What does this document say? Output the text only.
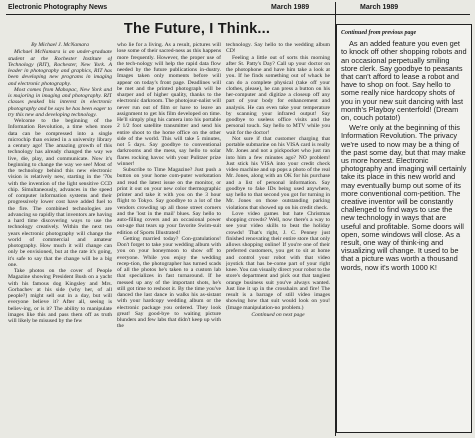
Electronic Photography News	March 1989	March 1989
The Future, I Think...
By Michael J. McNamara

Michael McNamara is an under-graduate student at the Rochester Institute of Technology (RIT), Rochester, New York. A leader in photography and graphics, RIT has been developing new programs in imaging and electronic photography.

Most comes from Mahopac, New York and is majoring in imaging and photography. RIT classes peaked his interest in electronic photography and he says he has been eager to try this new and developing technology.

Welcome to the beginning of the Information Revolution, a time when more data can be compressed into a single microchip than existed in a university library a century ago! The amazing growth of this technology has already changed the way we live, die, play, and communicate. Now it's beginning to change the way we see! Most of the technology behind this new electronic vision is relatively new, starting in the '70s with the invention of the light sensitive CCD chip. Simultaneously, advances in the speed of computer information systems and their progressively lower cost have added fuel to the fire. The combined technologies are advancing so rapidly that inventors are having a hard time discovering ways to use the technology creatively. Within the next ten years electronic photography will change the world of commercial and amateur photography. How much it will change can only be envisioned, but at the rate it's going, it's safe to say that the change will be a big one.

Take photos on the cover of People Magazine showing President Bush on a yacht with his famous dog Kingsley and Mrs. Gorbachev at his side (why her, of all people?) might sell out in a day, but will everyone believe it? After all, seeing is believ-ing, or is it? The ability to manipulate images like this and pass them off as truth will likely be misused by the few

who lie for a living. As a result, pictures will lose some of their sacred-ness as this happens more frequently. However, the proper use of the tech-nology will help the rapid data flow needed by the future publications in-dustry. Images taken only moments before will appear on today's front page. Deadlines will be met and the printed photograph will be sharper and of higher quality, thanks to the electronic darkroom. The photojour-nalist will never run out of film or have to leave an assignment to get his film developed on time. He'll simply plug his camera into his portable 2 1/2 foot satellite transmitter and send his entire shoot to the home office on the other side of the world. This will take 5 minutes, not 5 days. Say goodbye to conventional darkrooms and the mess, say hello to solar flares rocking havoc with your Pulitzer prize winner!

Subscribe to Time Magazine? Just push a button on your home com-puter workstation and read the latest issue on the monitor, or print it out on your new color thermographic printer and take it with you on the 3 hour flight to Tokyo. Say goodbye to a lot of the vendors crowding up all those street corners and the 'lost in the mail' blues. Say hello to auto-filling covers and an occasional power out-age that tears up your favorite Swim-suit edition of Sports Illustrated!

Getting married today? Con-gratulations! Don't forget to take your wedding album with you on your honeymoon to show off to everyone. While you enjoy the wedding recep-tion, the photographer has turned scads of all the photos he's taken to a custom lab that specializes in fast turnaround. If he messed up any of the important shots, he's still got time to reshoot it. By the time you've danced the last dance in walks his as-sistant with your hardcopy wedding album or the electronic package you ordered. They look great! Say good-bye to waiting picture blunders and few labs that didn't keep up with the

technology. Say hello to the wedding album CD!

Feeling a little out of sorts this morning after St. Patty's Day? Call up your doctor on the photophone and have him take a look at you. If he finds something out of whack he can do a complete physical (take off your clothes, please), he can press a button on his her-computer and digitize a closeup off any part of your body for enhancement and analysis. He can even take your temperature by scanning your infrared output! Say goodbye to useless office visits and the personal touch. Say hello to MTV while you wait for the doctor!

Not sure if that customer charging that portable submarine on his VISA card is really Mr. Jones and not a pickpocket who just ran into him a few minutes ago? NO problem! Just stick his VISA into your credit check video machine and up pops a photo of the real Mr. Jones, along with an OK for his purchase and a list of personal information. Say goodbye to fake IDs being used anywhere, say hello to that second you got for turning in Mr. Jones on those outstanding parking violations that showed up on his credit check.

Love video games but hate Christmas shopping crowds? Well, now there's a way to see your video skills to beat the holiday crowds! That's right, J. C. Penney just finished renovating their entire store that only allows shopping online! If you're one of their preferred customers, you get to sit at home and control your robot with that video joystick that has be-come part of your right knee. You can visually direct your robot to the store's department and pick out that tangiest orange business suit you've always wanted. Just line it up in the crosshairs and fire! The result is a barrage of still video images showing how that suit would look on you! (Image manipulation-no problem.)

Continued on next page
Continued from previous page

As an added feature you even get to knock off other shopping robots and an occasional perpetually smiling store clerk. Say goodbye to peasants that can't afford to lease a robot and have to shop on foot. Say hello to some really nice hardcopy shots of you in your new suit dancing with last month's Playboy centerfold! (Dream on, couch potato!)

We're only at the beginning of this Information Revolution. The privacy we're used to now may be a thing of the past some day, but that may make us more honest. Electronic photography and imaging will certainly take its place in this new world and may eventually bump out some of its more conventional com-petition. The creative inventor will be constantly challenged to find ways to use the new technology in ways that are useful and profitable. Some doors will open, some windows will close. As a result, one way of think-ing and visualizing will change. It used to be that a picture was worth a thousand words, now it's worth 1000 K!
